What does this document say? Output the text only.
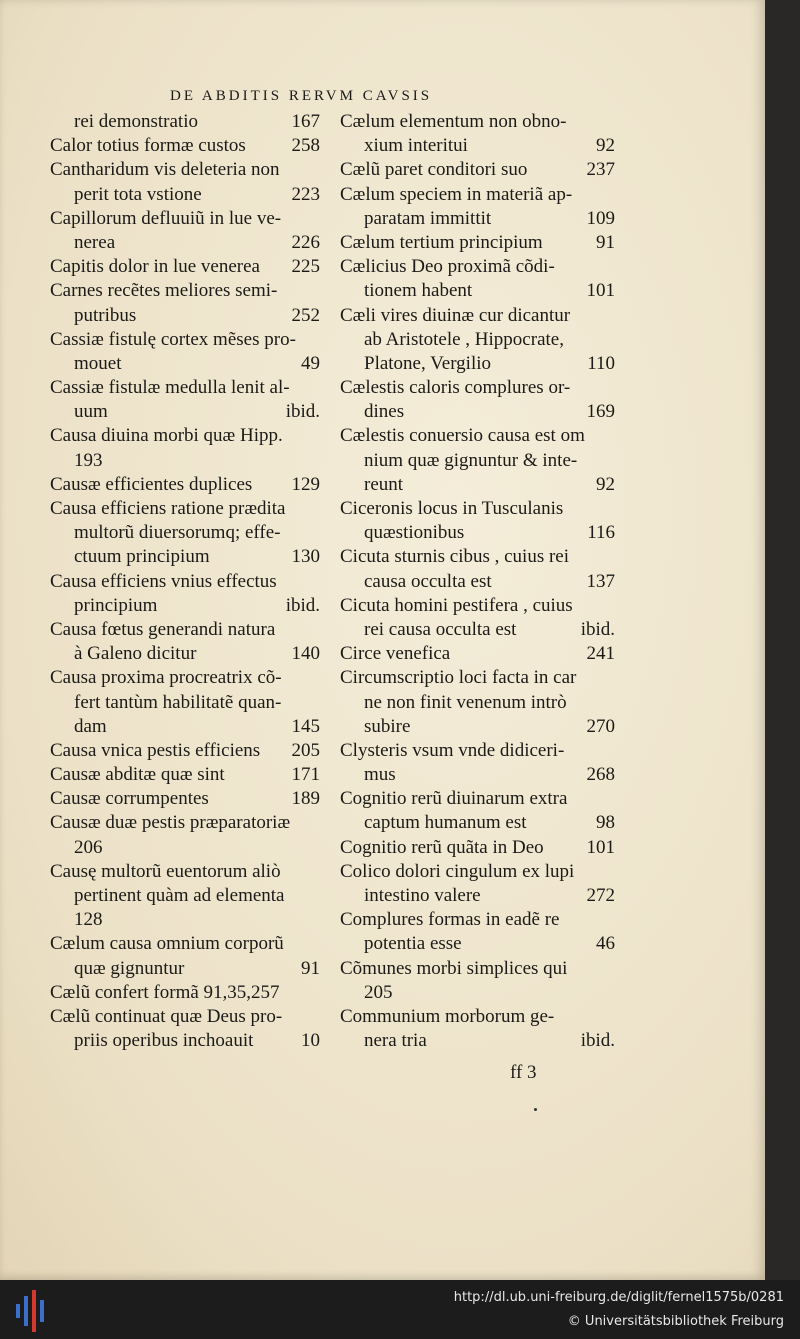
DE ABDITIS RERVM CAVSIS
rei demonstratio	167
Calor totius formæ custos	258
Cantharidum vis deleteria non
perit tota vstione	223
Capillorum defluuiũ in lue ve-
nerea	226
Capitis dolor in lue venerea	225
Carnes recẽtes meliores semi-
putribus	252
Cassiæ fistulę cortex mẽses pro-
mouet	49
Cassiæ fistulæ medulla lenit al-
uum	ibid.
Causa diuina morbi quæ Hipp.
193
Causæ efficientes duplices	129
Causa efficiens ratione prædita
multorũ diuersorumq; effe-
ctuum principium	130
Causa efficiens vnius effectus
principium	ibid.
Causa fœtus generandi natura
à Galeno dicitur	140
Causa proxima procreatrix cõ-
fert tantùm habilitatẽ quan-
dam	145
Causa vnica pestis efficiens	205
Causæ abditæ quæ sint	171
Causæ corrumpentes	189
Causæ duæ pestis præparatoriæ
206
Causę multorũ euentorum aliò
pertinent quàm ad elementa
128
Cælum causa omnium corporũ
quæ gignuntur	91
Cælũ confert formã 91,35,257
Cælũ continuat quæ Deus pro-
priis operibus inchoauit	10
Cælum elementum non obno-
xium interitui	92
Cælũ paret conditori suo	237
Cælum speciem in materiã ap-
paratam immittit	109
Cælum tertium principium	91
Cælicius Deo proximã cõdi-
tionem habent	101
Cæli vires diuinæ cur dicantur
ab Aristotele , Hippocrate,
Platone, Vergilio	110
Cælestis caloris complures or-
dines	169
Cælestis conuersio causa est om
nium quæ gignuntur & inte-
reunt	92
Ciceronis locus in Tusculanis
quæstionibus	116
Cicuta sturnis cibus , cuius rei
causa occulta est	137
Cicuta homini pestifera , cuius
rei causa occulta est	ibid.
Circe venefica	241
Circumscriptio loci facta in car
ne non finit venenum intrò
subire	270
Clysteris vsum vnde didiceri-
mus	268
Cognitio rerũ diuinarum extra
captum humanum est	98
Cognitio rerũ quãta in Deo	101
Colico dolori cingulum ex lupi
intestino valere	272
Complures formas in eadẽ re
potentia esse	46
Cõmunes morbi simplices qui
205
Communium morborum ge-
nera tria	ibid.
ff 3
http://dl.ub.uni-freiburg.de/diglit/fernel1575b/0281
© Universitätsbibliothek Freiburg
